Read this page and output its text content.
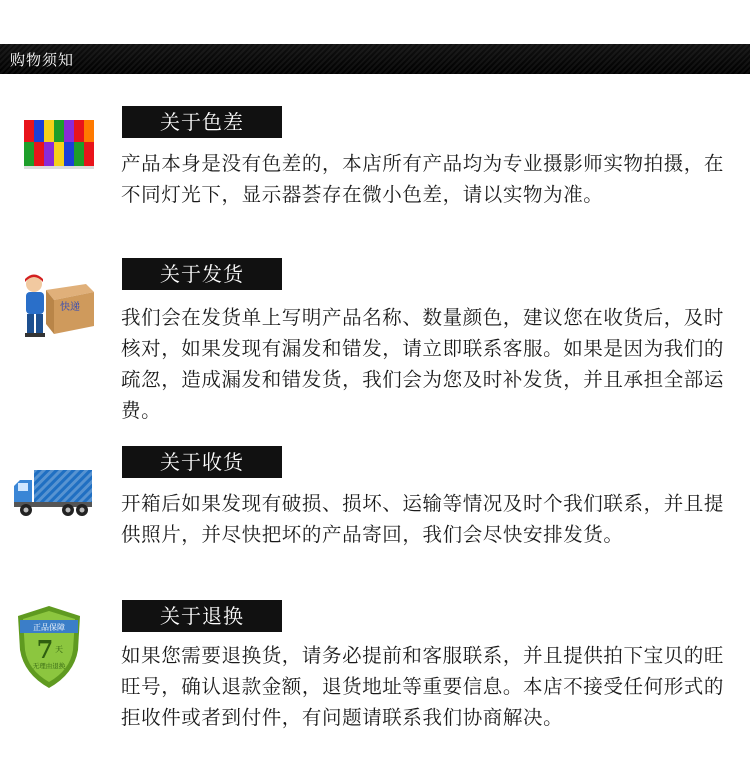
购物须知
关于色差

产品本身是没有色差的，本店所有产品均为专业摄影师实物拍摄，在不同灯光下，显示器荟存在微小色差，请以实物为准。

快递
关于发货

我们会在发货单上写明产品名称、数量颜色，建议您在收货后，及时核对，如果发现有漏发和错发，请立即联系客服。如果是因为我们的疏忽，造成漏发和错发货，我们会为您及时补发货，并且承担全部运费。

关于收货

开箱后如果发现有破损、损坏、运输等情况及时个我们联系，并且提供照片，并尽快把坏的产品寄回，我们会尽快安排发货。

正品保障
7 天
无理由退换
关于退换

如果您需要退换货，请务必提前和客服联系，并且提供拍下宝贝的旺旺号，确认退款金额，退货地址等重要信息。本店不接受任何形式的拒收件或者到付件，有问题请联系我们协商解决。
